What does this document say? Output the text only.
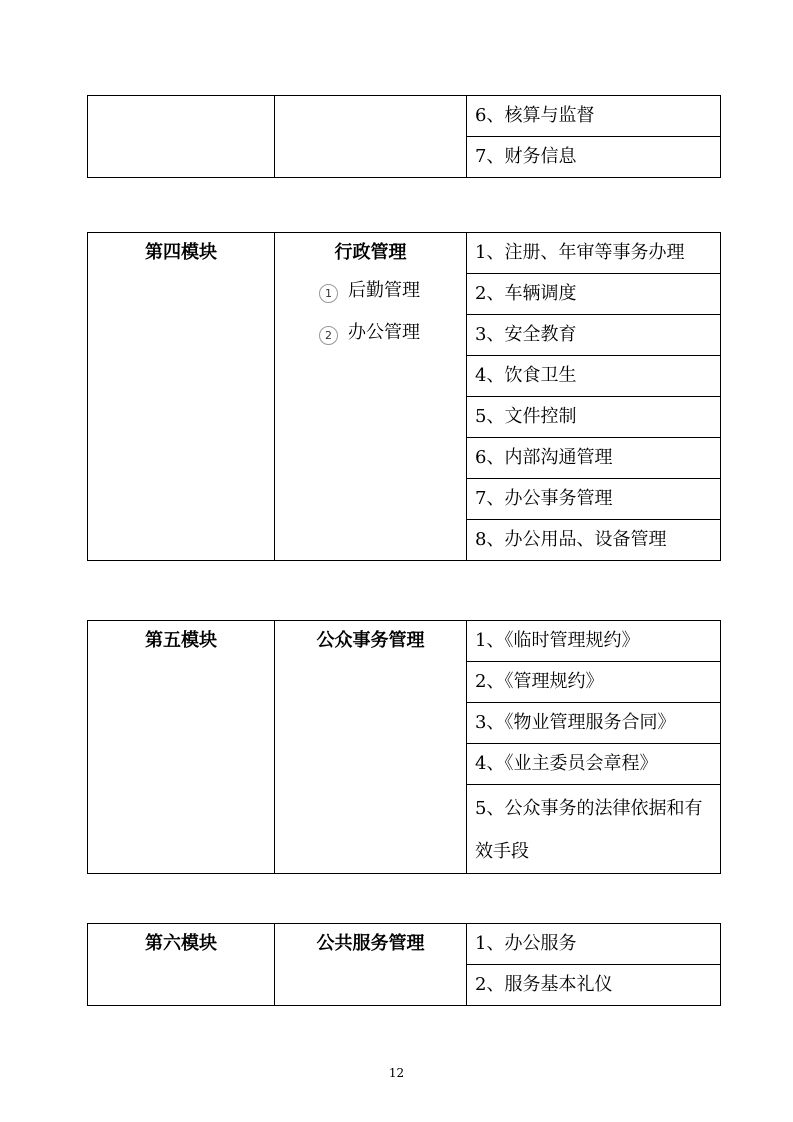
		6、核算与监督
7、财务信息
第四模块	行政管理
1 后勤管理
2 办公管理
	1、注册、年审等事务办理
2、车辆调度
3、安全教育
4、饮食卫生
5、文件控制
6、内部沟通管理
7、办公事务管理
8、办公用品、设备管理
第五模块	公众事务管理	1、《临时管理规约》
2、《管理规约》
3、《物业管理服务合同》
4、《业主委员会章程》
5、公众事务的法律依据和有效手段
第六模块	公共服务管理	1、办公服务
2、服务基本礼仪
12
